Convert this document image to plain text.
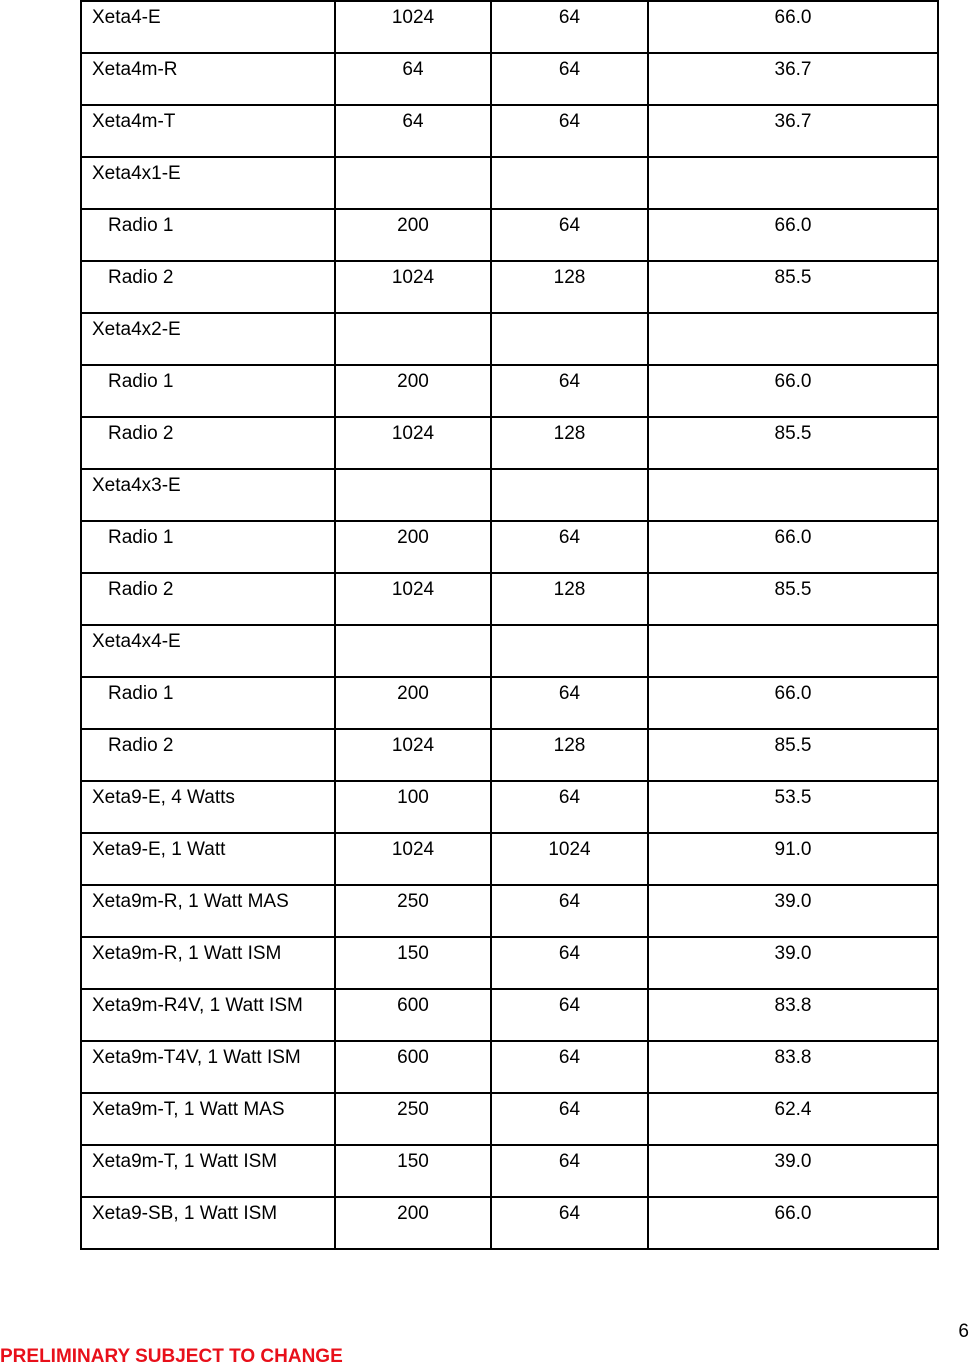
Xeta4-E	1024	64	66.0

Xeta4m-R	64	64	36.7

Xeta4m-T	64	64	36.7

Xeta4x1-E			

Radio 1	200	64	66.0

Radio 2	1024	128	85.5

Xeta4x2-E			

Radio 1	200	64	66.0

Radio 2	1024	128	85.5

Xeta4x3-E			

Radio 1	200	64	66.0

Radio 2	1024	128	85.5

Xeta4x4-E			

Radio 1	200	64	66.0

Radio 2	1024	128	85.5

Xeta9-E, 4 Watts	100	64	53.5

Xeta9-E, 1 Watt	1024	1024	91.0

Xeta9m-R, 1 Watt MAS	250	64	39.0

Xeta9m-R, 1 Watt ISM	150	64	39.0

Xeta9m-R4V, 1 Watt ISM	600	64	83.8

Xeta9m-T4V, 1 Watt ISM	600	64	83.8

Xeta9m-T, 1 Watt MAS	250	64	62.4

Xeta9m-T, 1 Watt ISM	150	64	39.0

Xeta9-SB, 1 Watt ISM	200	64	66.0
6
PRELIMINARY SUBJECT TO CHANGE
